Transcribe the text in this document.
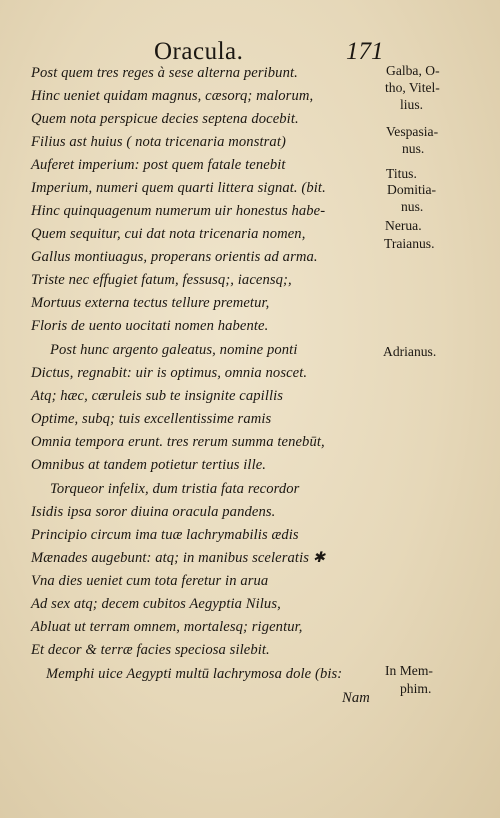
Oracula.	171
Post quem tres reges à sese alterna peribunt.
Hinc ueniet quidam magnus, cæsorq; malorum,
Quem nota perspicue decies septena docebit.
Filius ast huius ( nota tricenaria monstrat)
Auferet imperium: post quem fatale tenebit
Imperium, numeri quem quarti littera signat. (bit.
Hinc quinquagenum numerum uir honestus habe-
Quem sequitur, cui dat nota tricenaria nomen,
Gallus montiuagus, properans orientis ad arma.
Triste nec effugiet fatum, fessusq;, iacensq;,
Mortuus externa tectus tellure premetur,
Floris de uento uocitati nomen habente.
Post hunc argento galeatus, nomine ponti
Dictus, regnabit: uir is optimus, omnia noscet.
Atq; hæc, cæruleis sub te insignite capillis
Optime, subq; tuis excellentissime ramis
Omnia tempora erunt. tres rerum summa tenebūt,
Omnibus at tandem potietur tertius ille.
Torqueor infelix, dum tristia fata recordor
Isidis ipsa soror diuina oracula pandens.
Principio circum ima tuæ lachrymabilis ædis
Mænades augebunt: atq; in manibus sceleratis ✱
Vna dies ueniet cum tota feretur in arua
Ad sex atq; decem cubitos Aegyptia Nilus,
Abluat ut terram omnem, mortalesq; rigentur,
Et decor & terræ facies speciosa silebit.
Memphi uice Aegypti multū lachrymosa dole (bis:
Nam
Galba, O-
tho, Vitel-
lius.
Vespasia-
nus.
Titus.
Domitia-
nus.
Nerua.
Traianus.
Adrianus.
In Mem-
phim.
